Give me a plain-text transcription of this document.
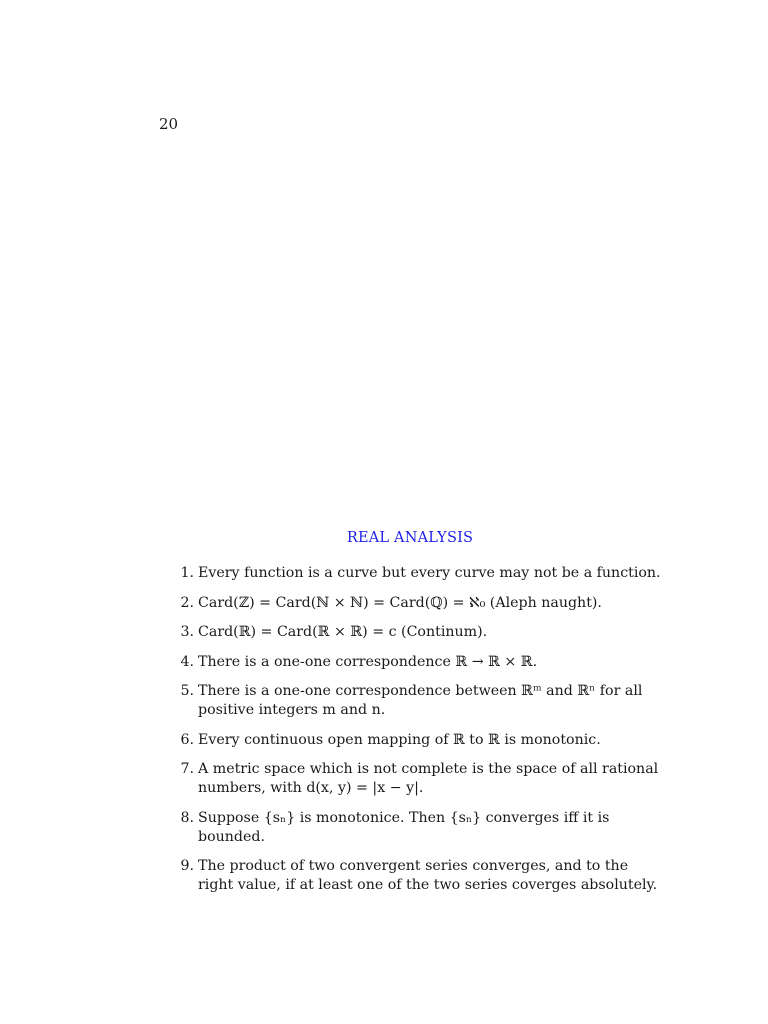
20
REAL ANALYSIS
1. Every function is a curve but every curve may not be a function.
2. Card(ℤ) = Card(ℕ × ℕ) = Card(ℚ) = ℵ₀ (Aleph naught).
3. Card(ℝ) = Card(ℝ × ℝ) = c (Continum).
4. There is a one-one correspondence ℝ → ℝ × ℝ.
5. There is a one-one correspondence between ℝᵐ and ℝⁿ for all positive integers m and n.
6. Every continuous open mapping of ℝ to ℝ is monotonic.
7. A metric space which is not complete is the space of all rational numbers, with d(x, y) = |x − y|.
8. Suppose {sₙ} is monotonice. Then {sₙ} converges iff it is bounded.
9. The product of two convergent series converges, and to the right value, if at least one of the two series coverges absolutely.
